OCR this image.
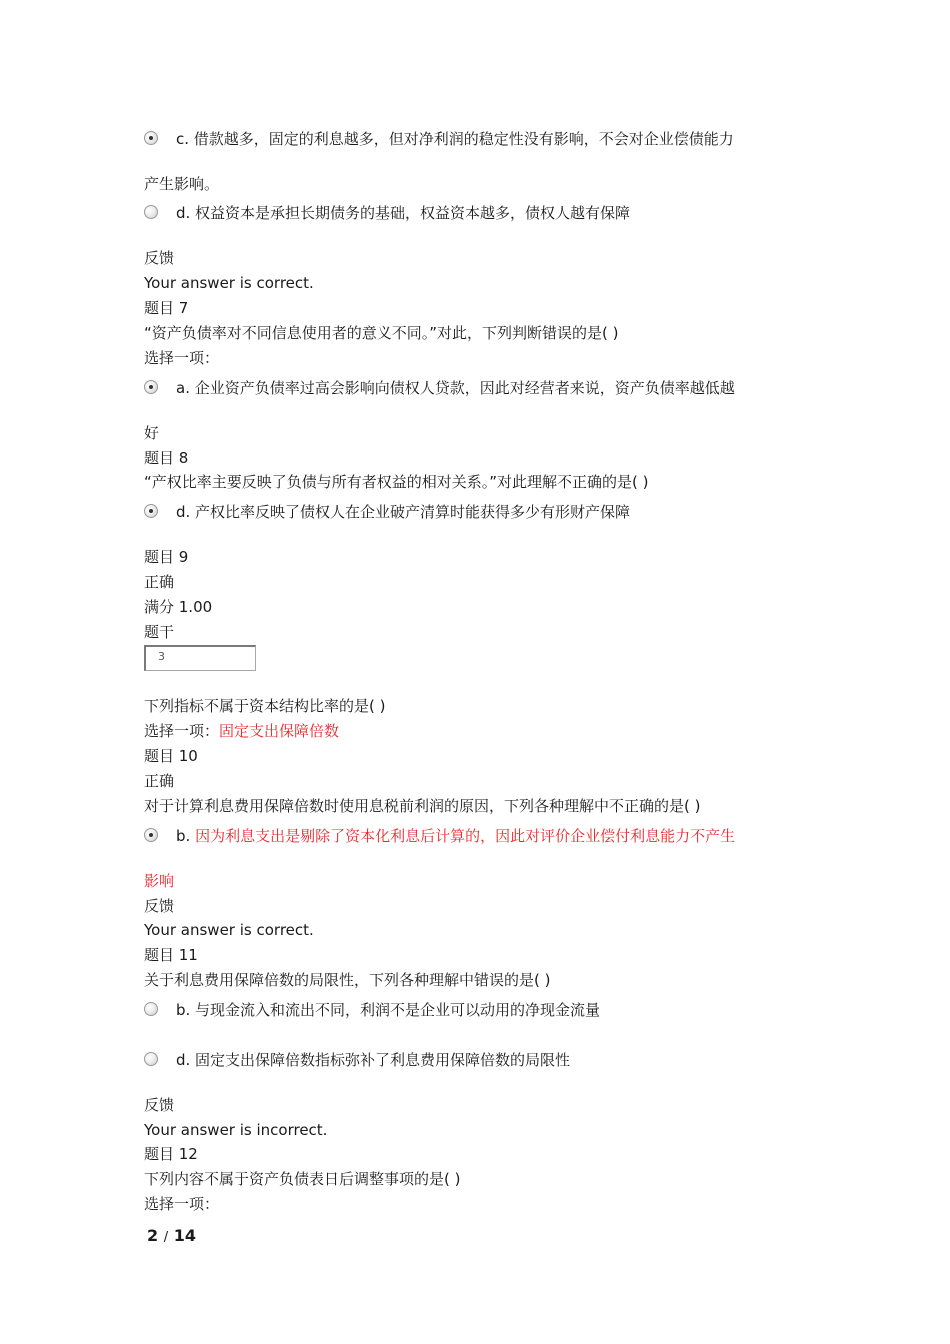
c. 借款越多，固定的利息越多，但对净利润的稳定性没有影响，不会对企业偿债能力
产生影响。
d. 权益资本是承担长期债务的基础，权益资本越多，债权人越有保障
反馈
Your answer is correct.
题目 7
“资产负债率对不同信息使用者的意义不同。”对此，下列判断错误的是( )
选择一项：
a. 企业资产负债率过高会影响向债权人贷款，因此对经营者来说，资产负债率越低越
好
题目 8
“产权比率主要反映了负债与所有者权益的相对关系。”对此理解不正确的是( )
d. 产权比率反映了债权人在企业破产清算时能获得多少有形财产保障
题目 9
正确
满分 1.00
题干
3
下列指标不属于资本结构比率的是( )
选择一项：固定支出保障倍数
题目 10
正确
对于计算利息费用保障倍数时使用息税前利润的原因，下列各种理解中不正确的是( )
b. 因为利息支出是剔除了资本化利息后计算的，因此对评价企业偿付利息能力不产生
影响
反馈
Your answer is correct.
题目 11
关于利息费用保障倍数的局限性，下列各种理解中错误的是( )
b. 与现金流入和流出不同，利润不是企业可以动用的净现金流量
d. 固定支出保障倍数指标弥补了利息费用保障倍数的局限性
反馈
Your answer is incorrect.
题目 12
下列内容不属于资产负债表日后调整事项的是( )
选择一项：
2 / 14
